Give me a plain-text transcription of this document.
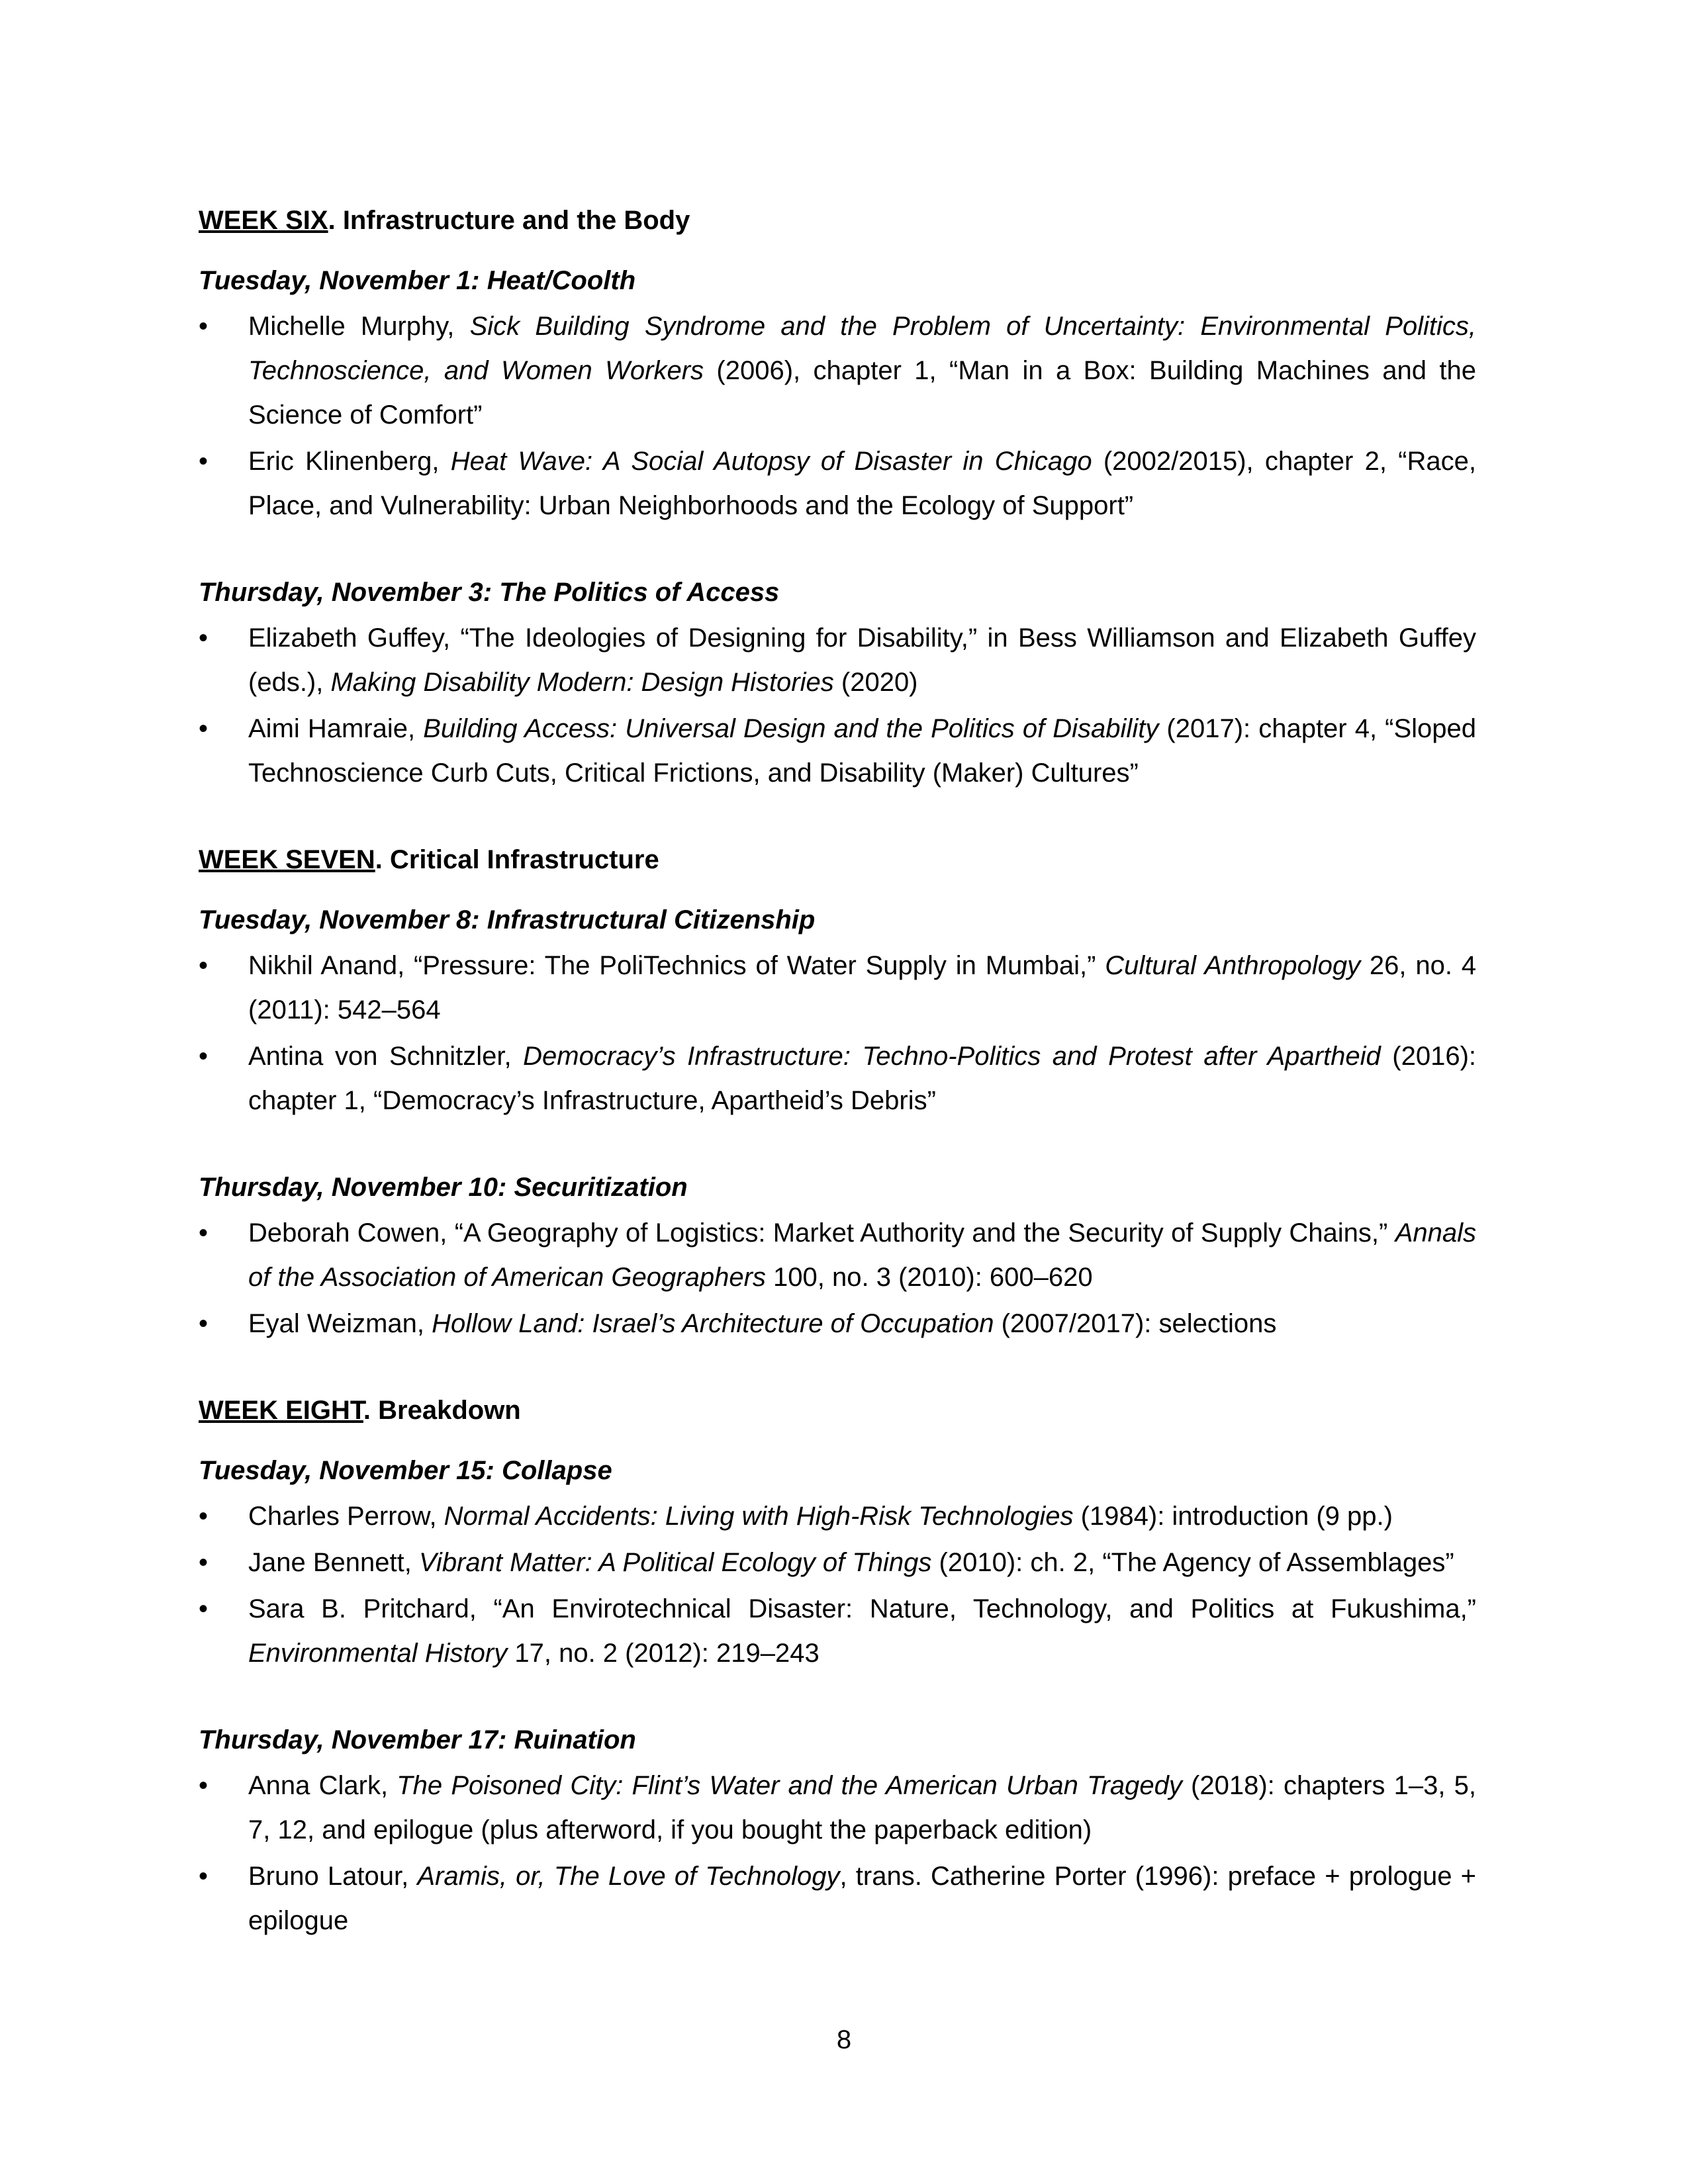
WEEK SIX. Infrastructure and the Body

Tuesday, November 1: Heat/Coolth

• Michelle Murphy, Sick Building Syndrome and the Problem of Uncertainty: Environmental Politics, Technoscience, and Women Workers (2006), chapter 1, “Man in a Box: Building Machines and the Science of Comfort”
• Eric Klinenberg, Heat Wave: A Social Autopsy of Disaster in Chicago (2002/2015), chapter 2, “Race, Place, and Vulnerability: Urban Neighborhoods and the Ecology of Support”

Thursday, November 3: The Politics of Access

• Elizabeth Guffey, “The Ideologies of Designing for Disability,” in Bess Williamson and Elizabeth Guffey (eds.), Making Disability Modern: Design Histories (2020)
• Aimi Hamraie, Building Access: Universal Design and the Politics of Disability (2017): chapter 4, “Sloped Technoscience Curb Cuts, Critical Frictions, and Disability (Maker) Cultures”

WEEK SEVEN. Critical Infrastructure

Tuesday, November 8: Infrastructural Citizenship

• Nikhil Anand, “Pressure: The PoliTechnics of Water Supply in Mumbai,” Cultural Anthropology 26, no. 4 (2011): 542–564
• Antina von Schnitzler, Democracy’s Infrastructure: Techno-Politics and Protest after Apartheid (2016): chapter 1, “Democracy’s Infrastructure, Apartheid’s Debris”

Thursday, November 10: Securitization

• Deborah Cowen, “A Geography of Logistics: Market Authority and the Security of Supply Chains,” Annals of the Association of American Geographers 100, no. 3 (2010): 600–620
• Eyal Weizman, Hollow Land: Israel’s Architecture of Occupation (2007/2017): selections

WEEK EIGHT. Breakdown

Tuesday, November 15: Collapse

• Charles Perrow, Normal Accidents: Living with High-Risk Technologies (1984): introduction (9 pp.)
• Jane Bennett, Vibrant Matter: A Political Ecology of Things (2010): ch. 2, “The Agency of Assemblages”
• Sara B. Pritchard, “An Envirotechnical Disaster: Nature, Technology, and Politics at Fukushima,” Environmental History 17, no. 2 (2012): 219–243

Thursday, November 17: Ruination

• Anna Clark, The Poisoned City: Flint’s Water and the American Urban Tragedy (2018): chapters 1–3, 5, 7, 12, and epilogue (plus afterword, if you bought the paperback edition)
• Bruno Latour, Aramis, or, The Love of Technology, trans. Catherine Porter (1996): preface + prologue + epilogue
8
